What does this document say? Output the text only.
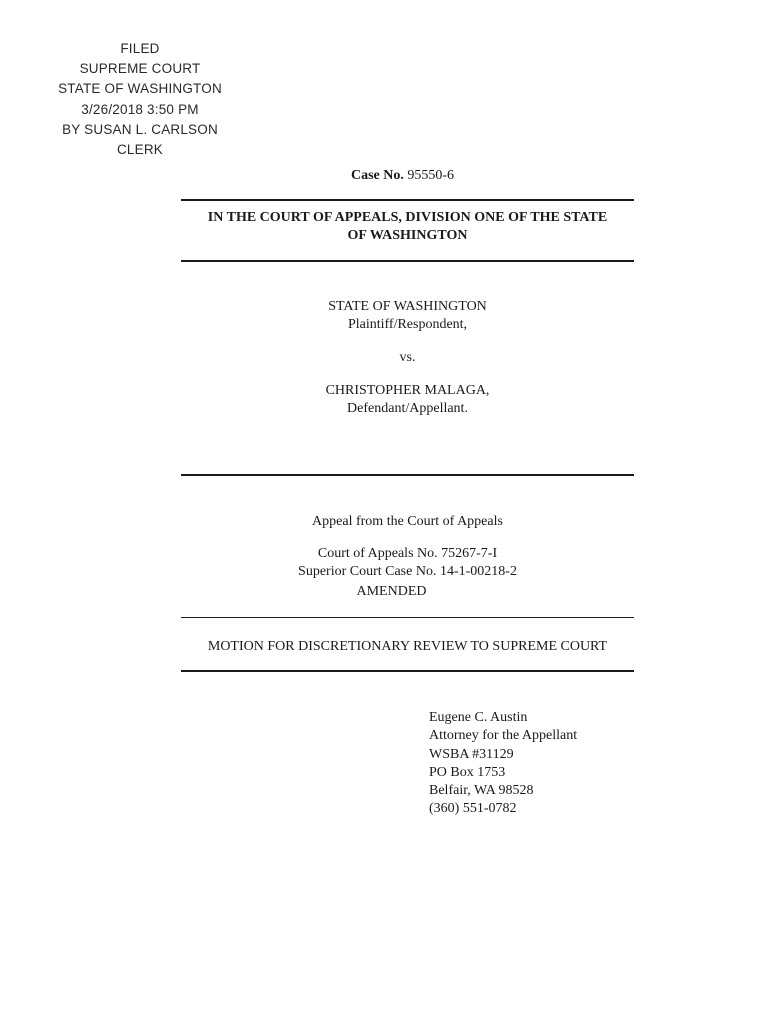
FILED
SUPREME COURT
STATE OF WASHINGTON
3/26/2018 3:50 PM
BY SUSAN L. CARLSON
CLERK
Case No. 95550-6
IN THE COURT OF APPEALS, DIVISION ONE OF THE STATE
OF WASHINGTON
STATE OF WASHINGTON
Plaintiff/Respondent,
vs.
CHRISTOPHER MALAGA,
Defendant/Appellant.
Appeal from the Court of Appeals
Court of Appeals No. 75267-7-I
Superior Court Case No. 14-1-00218-2
AMENDED
MOTION FOR DISCRETIONARY REVIEW TO SUPREME COURT
Eugene C. Austin
Attorney for the Appellant
WSBA #31129
PO Box 1753
Belfair, WA 98528
(360) 551-0782
